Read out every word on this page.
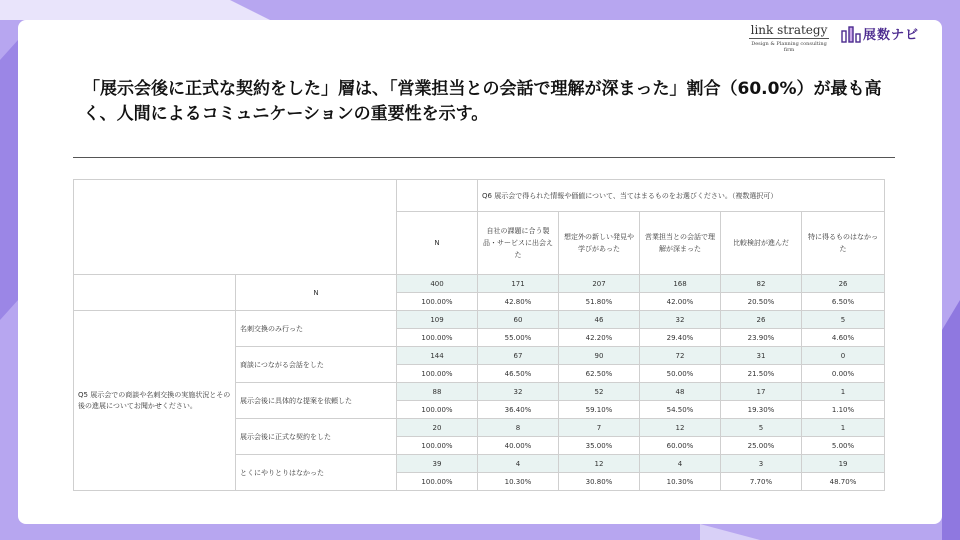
link strategy
Design & Planning consulting firm
展数ナビ
「展示会後に正式な契約をした」層は、「営業担当との会話で理解が深まった」割合（60.0%）が最も高く、人間によるコミュニケーションの重要性を示す。
			Q6 展示会で得られた情報や価値について、当てはまるものをお選びください。（複数選択可）				
		N	自社の課題に合う製品・サービスに出会えた	想定外の新しい発見や学びがあった	営業担当との会話で理解が深まった	比較検討が進んだ	特に得るものはなかった
	N	400	171	207	168	82	26
		100.00%	42.80%	51.80%	42.00%	20.50%	6.50%
Q5 展示会での商談や名刺交換の実施状況とその後の進展についてお聞かせください。	名刺交換のみ行った	109	60	46	32	26	5
		100.00%	55.00%	42.20%	29.40%	23.90%	4.60%
	商談につながる会話をした	144	67	90	72	31	0
		100.00%	46.50%	62.50%	50.00%	21.50%	0.00%
	展示会後に具体的な提案を依頼した	88	32	52	48	17	1
		100.00%	36.40%	59.10%	54.50%	19.30%	1.10%
	展示会後に正式な契約をした	20	8	7	12	5	1
		100.00%	40.00%	35.00%	60.00%	25.00%	5.00%
	とくにやりとりはなかった	39	4	12	4	3	19
		100.00%	10.30%	30.80%	10.30%	7.70%	48.70%
